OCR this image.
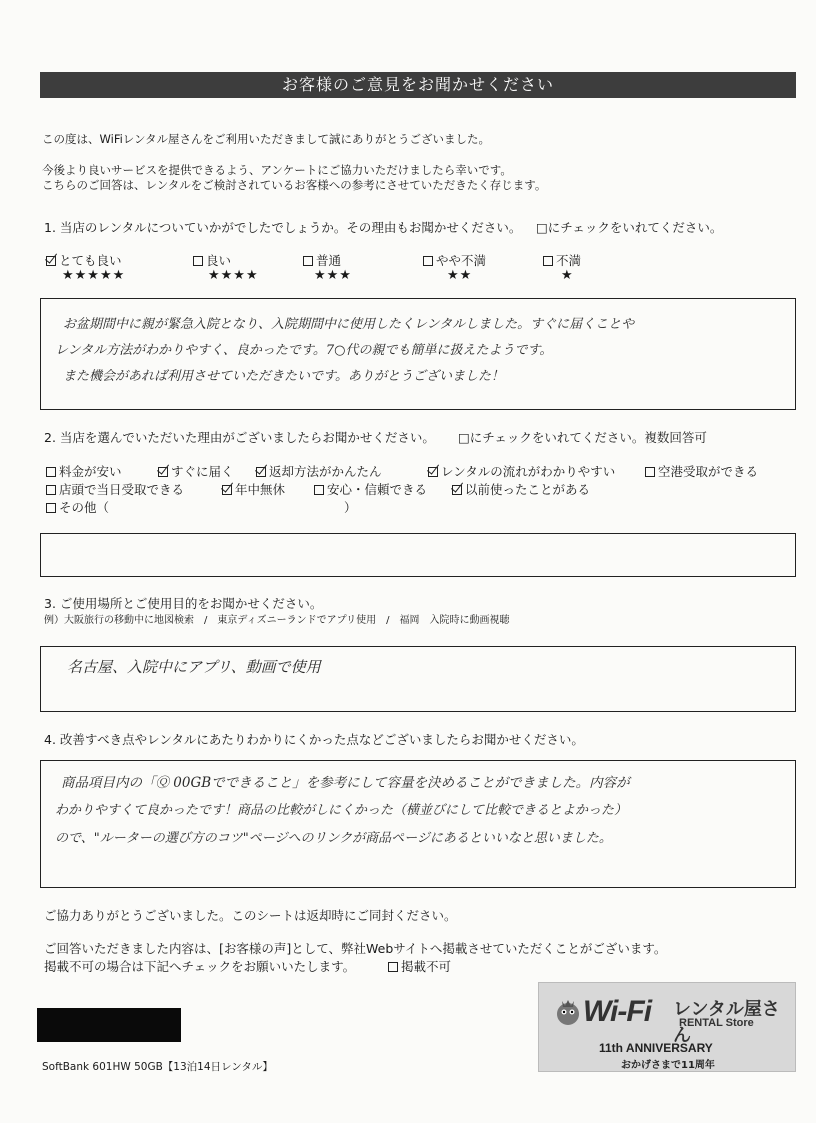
お客様のご意見をお聞かせください
この度は、WiFiレンタル屋さんをご利用いただきまして誠にありがとうございました。
今後より良いサービスを提供できるよう、アンケートにご協力いただけましたら幸いです。
こちらのご回答は、レンタルをご検討されているお客様への参考にさせていただきたく存じます。
1. 当店のレンタルについていかがでしたでしょうか。その理由もお聞かせください。 □にチェックをいれてください。
とても良い	良い	普通	やや不満	不満
★★★★★	★★★★	★★★	★★	★
お盆期間中に親が緊急入院となり、入院期間中に使用したくレンタルしました。すぐに届くことや
レンタル方法がわかりやすく、良かったです。7○代の親でも簡単に扱えたようです。
また機会があれば利用させていただきたいです。ありがとうございました！
2. 当店を選んでいただいた理由がございましたらお聞かせください。 □にチェックをいれてください。複数回答可
料金が安い	すぐに届く	返却方法がかんたん	レンタルの流れがわかりやすい	空港受取ができる
店頭で当日受取できる	年中無休	安心・信頼できる	以前使ったことがある
その他（	）
3. ご使用場所とご使用目的をお聞かせください。
例）大阪旅行の移動中に地図検索　/　東京ディズニーランドでアプリ使用　/　福岡　入院時に動画視聴
名古屋、入院中にアプリ、動画で使用
4. 改善すべき点やレンタルにあたりわかりにくかった点などございましたらお聞かせください。
商品項目内の「Ⓠ 00GBでできること」を参考にして容量を決めることができました。内容が
わかりやすくて良かったです！商品の比較がしにくかった（横並びにして比較できるとよかった）
ので、"ルーターの選び方のコツ"ページへのリンクが商品ページにあるといいなと思いました。
ご協力ありがとうございました。このシートは返却時にご同封ください。
ご回答いただきました内容は、[お客様の声]として、弊社Webサイトへ掲載させていただくことがございます。
掲載不可の場合は下記へチェックをお願いいたします。	掲載不可
SoftBank 601HW 50GB【13泊14日レンタル】
Wi-Fi レンタル屋さん
RENTAL Store
11th ANNIVERSARY
おかげさまで11周年
